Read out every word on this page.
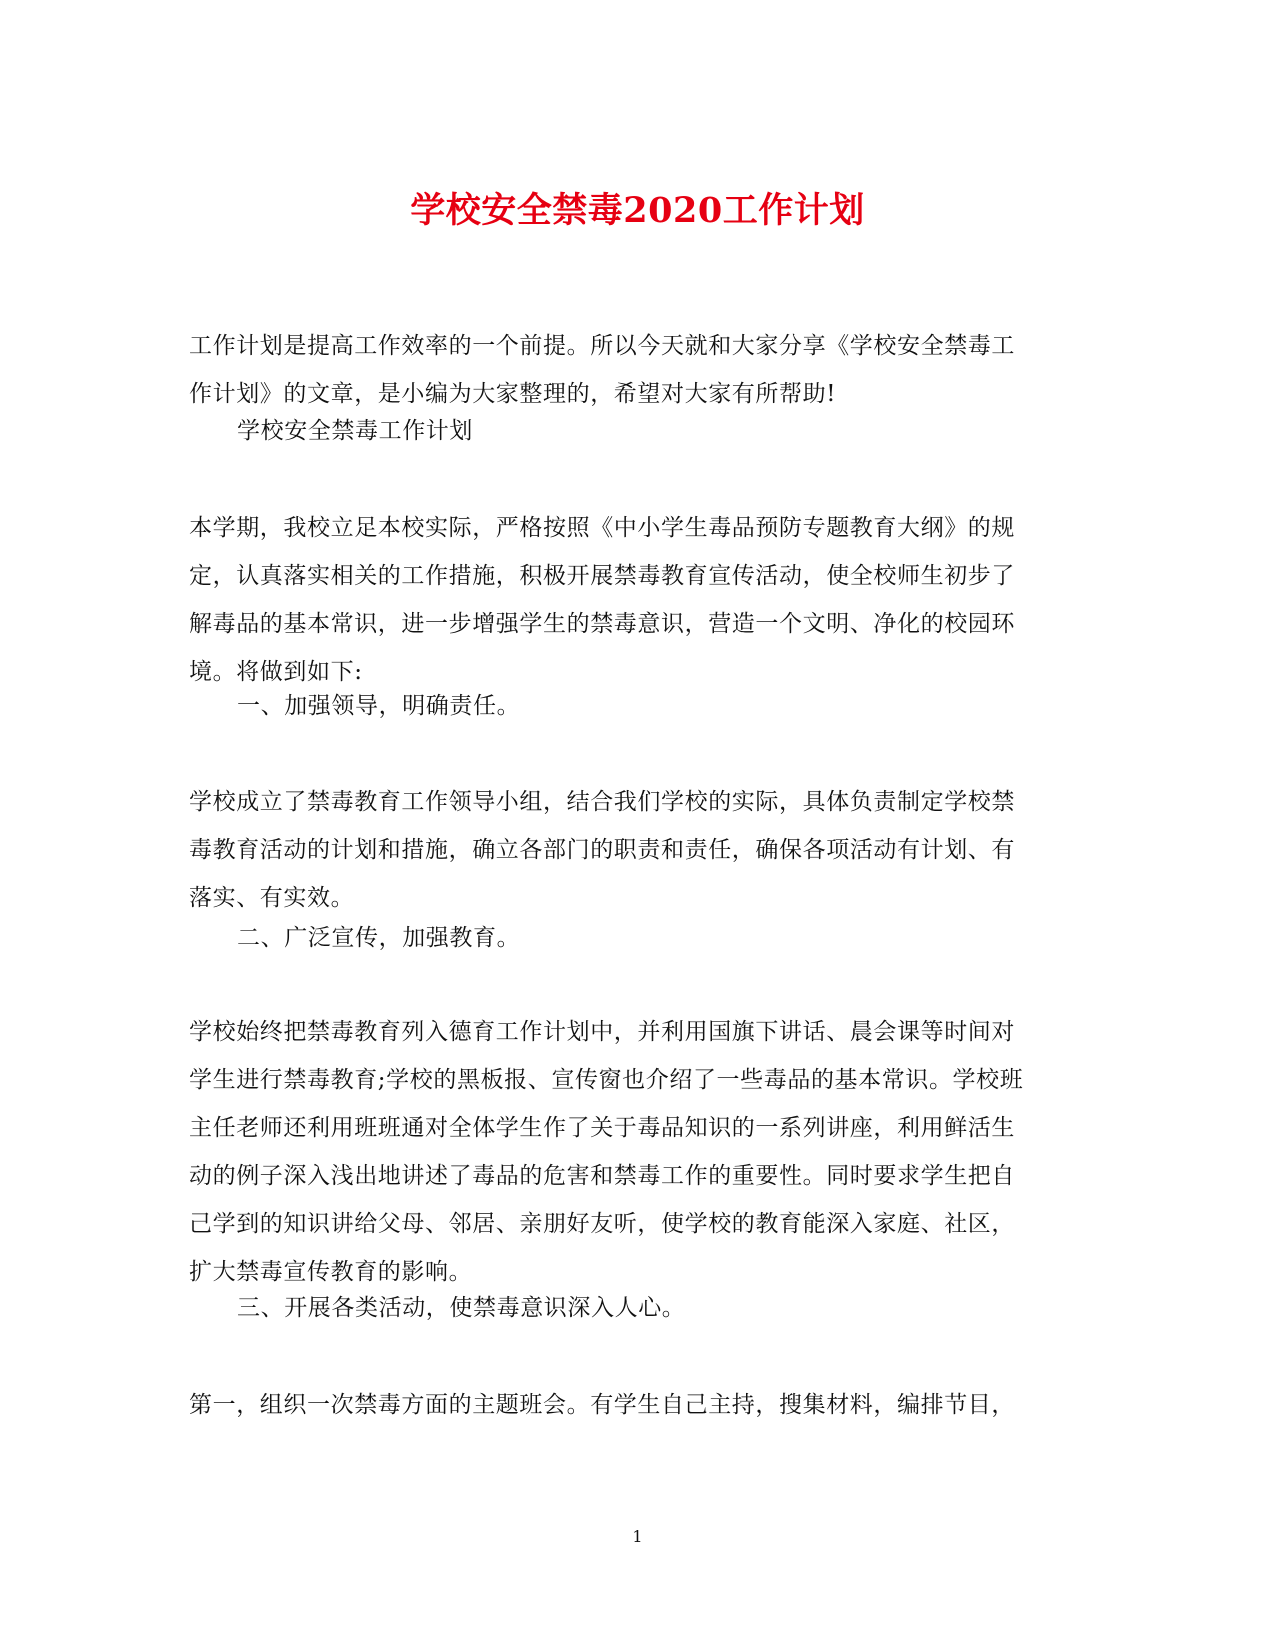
学校安全禁毒2020工作计划
工作计划是提高工作效率的一个前提。所以今天就和大家分享《学校安全禁毒工
作计划》的文章，是小编为大家整理的，希望对大家有所帮助!
学校安全禁毒工作计划
本学期，我校立足本校实际，严格按照《中小学生毒品预防专题教育大纲》的规
定，认真落实相关的工作措施，积极开展禁毒教育宣传活动，使全校师生初步了
解毒品的基本常识，进一步增强学生的禁毒意识，营造一个文明、净化的校园环
境。将做到如下:
一、加强领导，明确责任。
学校成立了禁毒教育工作领导小组，结合我们学校的实际，具体负责制定学校禁
毒教育活动的计划和措施，确立各部门的职责和责任，确保各项活动有计划、有
落实、有实效。
二、广泛宣传，加强教育。
学校始终把禁毒教育列入德育工作计划中，并利用国旗下讲话、晨会课等时间对
学生进行禁毒教育;学校的黑板报、宣传窗也介绍了一些毒品的基本常识。学校班
主任老师还利用班班通对全体学生作了关于毒品知识的一系列讲座，利用鲜活生
动的例子深入浅出地讲述了毒品的危害和禁毒工作的重要性。同时要求学生把自
己学到的知识讲给父母、邻居、亲朋好友听，使学校的教育能深入家庭、社区，
扩大禁毒宣传教育的影响。
三、开展各类活动，使禁毒意识深入人心。
第一，组织一次禁毒方面的主题班会。有学生自己主持，搜集材料，编排节目，
1
